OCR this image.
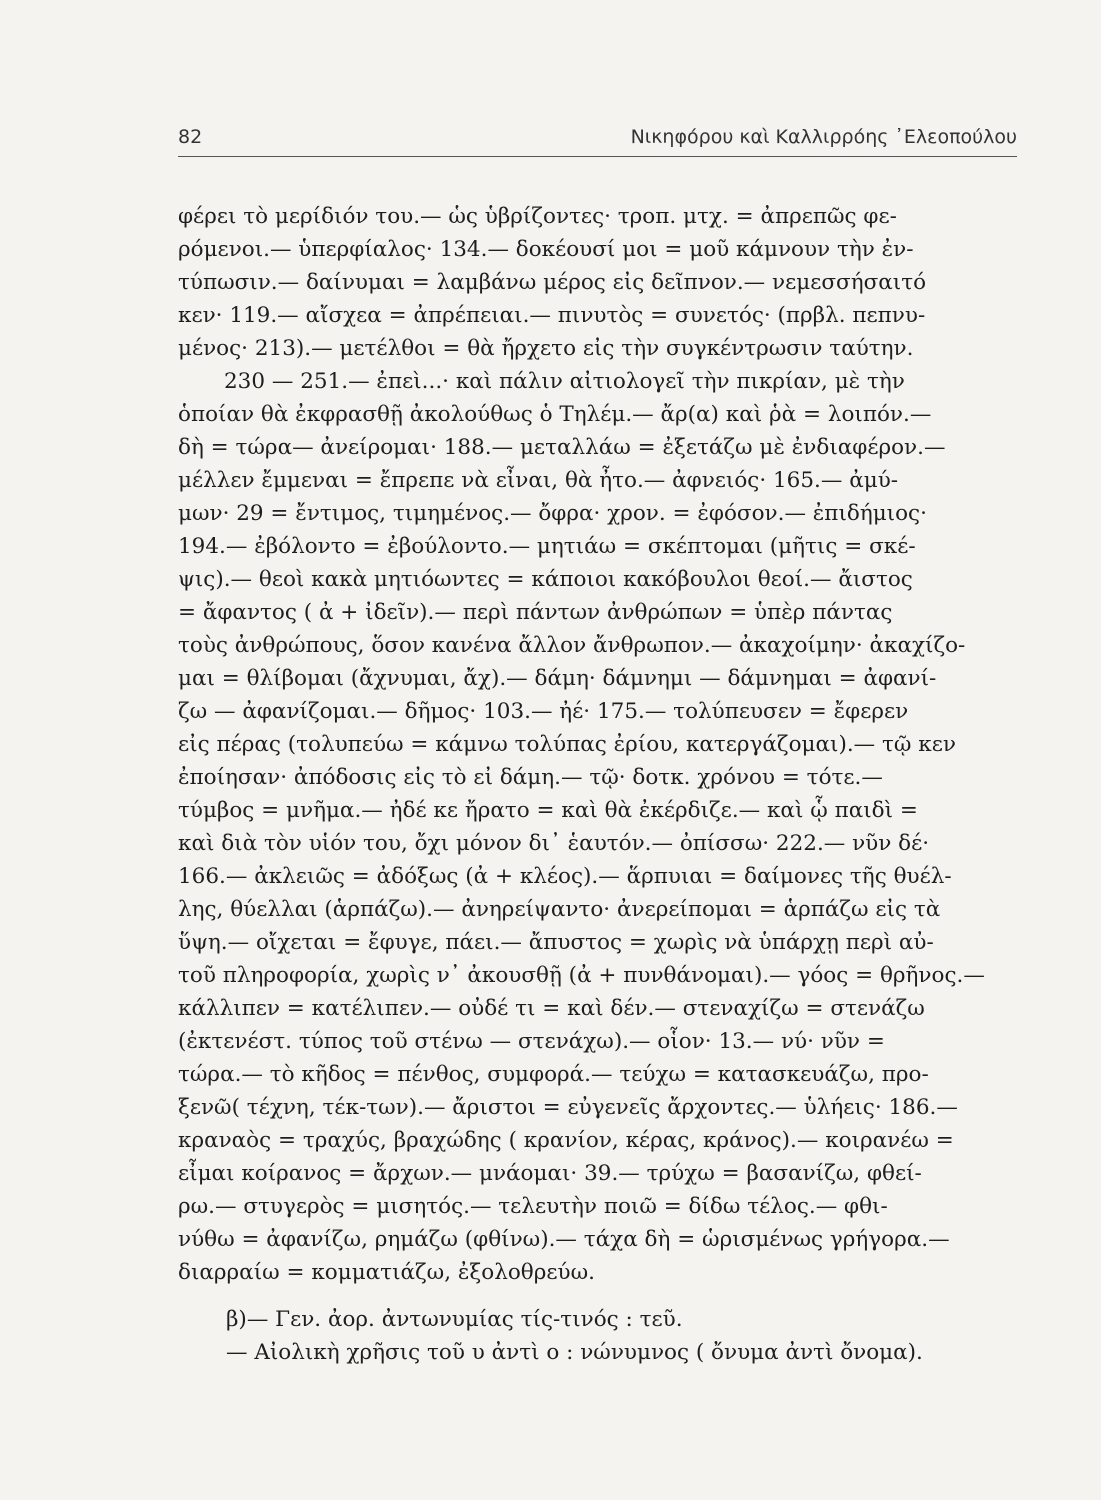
82	Νικηφόρου καὶ Καλλιρρόης ᾿Ελεοπούλου
φέρει τὸ μερίδιόν του.— ὡς ὑβρίζοντες· τροπ. μτχ. = ἀπρεπῶς φε-
ρόμενοι.— ὑπερφίαλος· 134.— δοκέουσί μοι = μοῦ κάμνουν τὴν ἐν-
τύπωσιν.— δαίνυμαι = λαμβάνω μέρος εἰς δεῖπνον.— νεμεσσήσαιτό
κεν· 119.— αἴσχεα = ἀπρέπειαι.— πινυτὸς = συνετός· (πρβλ. πεπνυ-
μένος· 213).— μετέλθοι = θὰ ἤρχετο εἰς τὴν συγκέντρωσιν ταύτην.
230 — 251.— ἐπεὶ...· καὶ πάλιν αἰτιολογεῖ τὴν πικρίαν, μὲ τὴν
ὁποίαν θὰ ἐκφρασθῇ ἀκολούθως ὁ Τηλέμ.— ἄρ(α) καὶ ῥὰ = λοιπόν.—
δὴ = τώρα— ἀνείρομαι· 188.— μεταλλάω = ἐξετάζω μὲ ἐνδιαφέρον.—
μέλλεν ἔμμεναι = ἔπρεπε νὰ εἶναι, θὰ ἦτο.— ἀφνειός· 165.— ἀμύ-
μων· 29 = ἔντιμος, τιμημένος.— ὄφρα· χρον. = ἐφόσον.— ἐπιδήμιος·
194.— ἐβόλοντο = ἐβούλοντο.— μητιάω = σκέπτομαι (μῆτις = σκέ-
ψις).— θεοὶ κακὰ μητιόωντες = κάποιοι κακόβουλοι θεοί.— ἄιστος
= ἄφαντος ( ἀ + ἰδεῖν).— περὶ πάντων ἀνθρώπων = ὑπὲρ πάντας
τοὺς ἀνθρώπους, ὅσον κανένα ἄλλον ἄνθρωπον.— ἀκαχοίμην· ἀκαχίζο-
μαι = θλίβομαι (ἄχνυμαι, ἄχ).— δάμη· δάμνημι — δάμνημαι = ἀφανί-
ζω — ἀφανίζομαι.— δῆμος· 103.— ἠέ· 175.— τολύπευσεν = ἔφερεν
εἰς πέρας (τολυπεύω = κάμνω τολύπας ἐρίου, κατεργάζομαι).— τῷ κεν
ἐποίησαν· ἀπόδοσις εἰς τὸ εἰ δάμη.— τῷ· δοτκ. χρόνου = τότε.—
τύμβος = μνῆμα.— ἠδέ κε ἤρατο = καὶ θὰ ἐκέρδιζε.— καὶ ᾧ παιδὶ =
καὶ διὰ τὸν υἱόν του, ὄχι μόνον δι᾿ ἑαυτόν.— ὀπίσσω· 222.— νῦν δέ·
166.— ἀκλειῶς = ἀδόξως (ἀ + κλέος).— ἅρπυιαι = δαίμονες τῆς θυέλ-
λης, θύελλαι (ἁρπάζω).— ἀνηρείψαντο· ἀνερείπομαι = ἁρπάζω εἰς τὰ
ὕψη.— οἴχεται = ἔφυγε, πάει.— ἄπυστος = χωρὶς νὰ ὑπάρχῃ περὶ αὐ-
τοῦ πληροφορία, χωρὶς ν᾿ ἀκουσθῇ (ἀ + πυνθάνομαι).— γόος = θρῆνος.—
κάλλιπεν = κατέλιπεν.— οὐδέ τι = καὶ δέν.— στεναχίζω = στενάζω
(ἐκτενέστ. τύπος τοῦ στένω — στενάχω).— οἷον· 13.— νύ· νῦν =
τώρα.— τὸ κῆδος = πένθος, συμφορά.— τεύχω = κατασκευάζω, προ-
ξενῶ( τέχνη, τέκ-των).— ἄριστοι = εὐγενεῖς ἄρχοντες.— ὑλήεις· 186.—
κραναὸς = τραχύς, βραχώδης ( κρανίον, κέρας, κράνος).— κοιρανέω =
εἶμαι κοίρανος = ἄρχων.— μνάομαι· 39.— τρύχω = βασανίζω, φθεί-
ρω.— στυγερὸς = μισητός.— τελευτὴν ποιῶ = δίδω τέλος.— φθι-
νύθω = ἀφανίζω, ρημάζω (φθίνω).— τάχα δὴ = ὡρισμένως γρήγορα.—
διαρραίω = κομματιάζω, ἐξολοθρεύω.
β)— Γεν. ἀορ. ἀντωνυμίας τίς-τινός : τεῦ.
— Αἰολικὴ χρῆσις τοῦ υ ἀντὶ ο : νώνυμνος ( ὄνυμα ἀντὶ ὄνομα).
